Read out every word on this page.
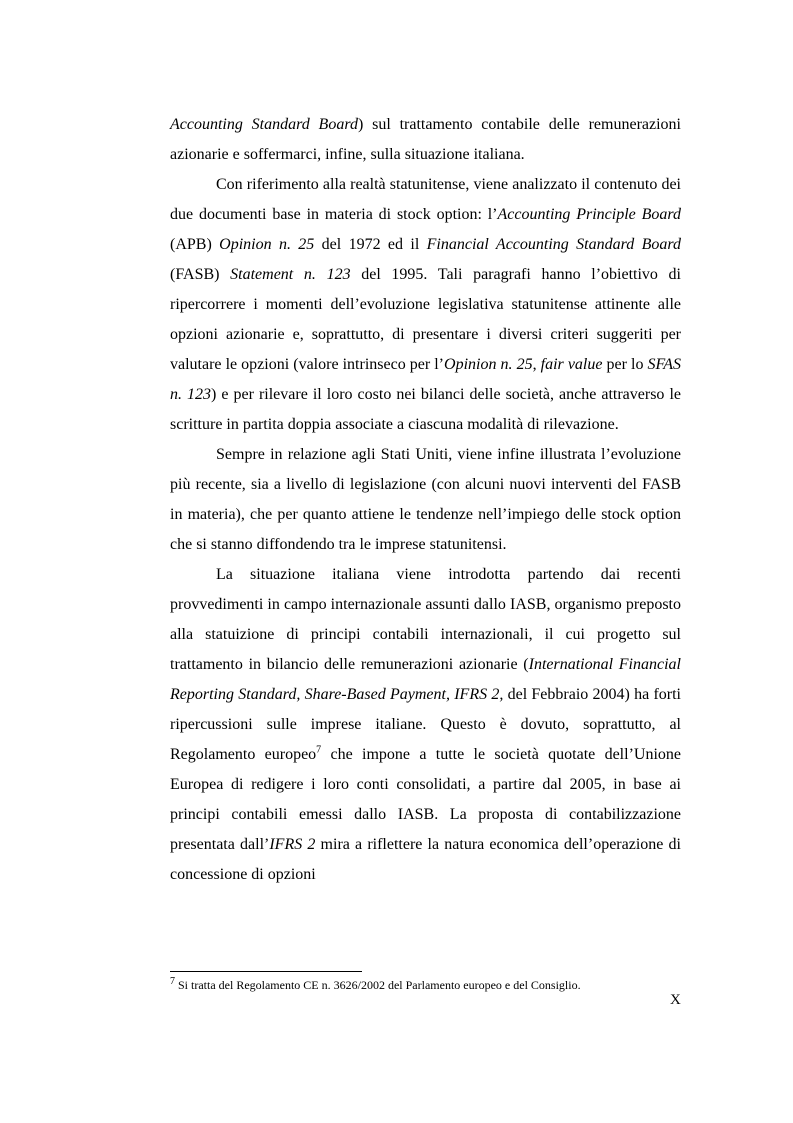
Accounting Standard Board) sul trattamento contabile delle remunerazioni azionarie e soffermarci, infine, sulla situazione italiana.

Con riferimento alla realtà statunitense, viene analizzato il contenuto dei due documenti base in materia di stock option: l’Accounting Principle Board (APB) Opinion n. 25 del 1972 ed il Financial Accounting Standard Board (FASB) Statement n. 123 del 1995. Tali paragrafi hanno l’obiettivo di ripercorrere i momenti dell’evoluzione legislativa statunitense attinente alle opzioni azionarie e, soprattutto, di presentare i diversi criteri suggeriti per valutare le opzioni (valore intrinseco per l’Opinion n. 25, fair value per lo SFAS n. 123) e per rilevare il loro costo nei bilanci delle società, anche attraverso le scritture in partita doppia associate a ciascuna modalità di rilevazione.

Sempre in relazione agli Stati Uniti, viene infine illustrata l’evoluzione più recente, sia a livello di legislazione (con alcuni nuovi interventi del FASB in materia), che per quanto attiene le tendenze nell’impiego delle stock option che si stanno diffondendo tra le imprese statunitensi.

La situazione italiana viene introdotta partendo dai recenti provvedimenti in campo internazionale assunti dallo IASB, organismo preposto alla statuizione di principi contabili internazionali, il cui progetto sul trattamento in bilancio delle remunerazioni azionarie (International Financial Reporting Standard, Share-Based Payment, IFRS 2, del Febbraio 2004) ha forti ripercussioni sulle imprese italiane. Questo è dovuto, soprattutto, al Regolamento europeo$^7$ che impone a tutte le società quotate dell’Unione Europea di redigere i loro conti consolidati, a partire dal 2005, in base ai principi contabili emessi dallo IASB. La proposta di contabilizzazione presentata dall’IFRS 2 mira a riflettere la natura economica dell’operazione di concessione di opzioni

$^7$ Si tratta del Regolamento CE n. 3626/2002 del Parlamento europeo e del Consiglio.
X
